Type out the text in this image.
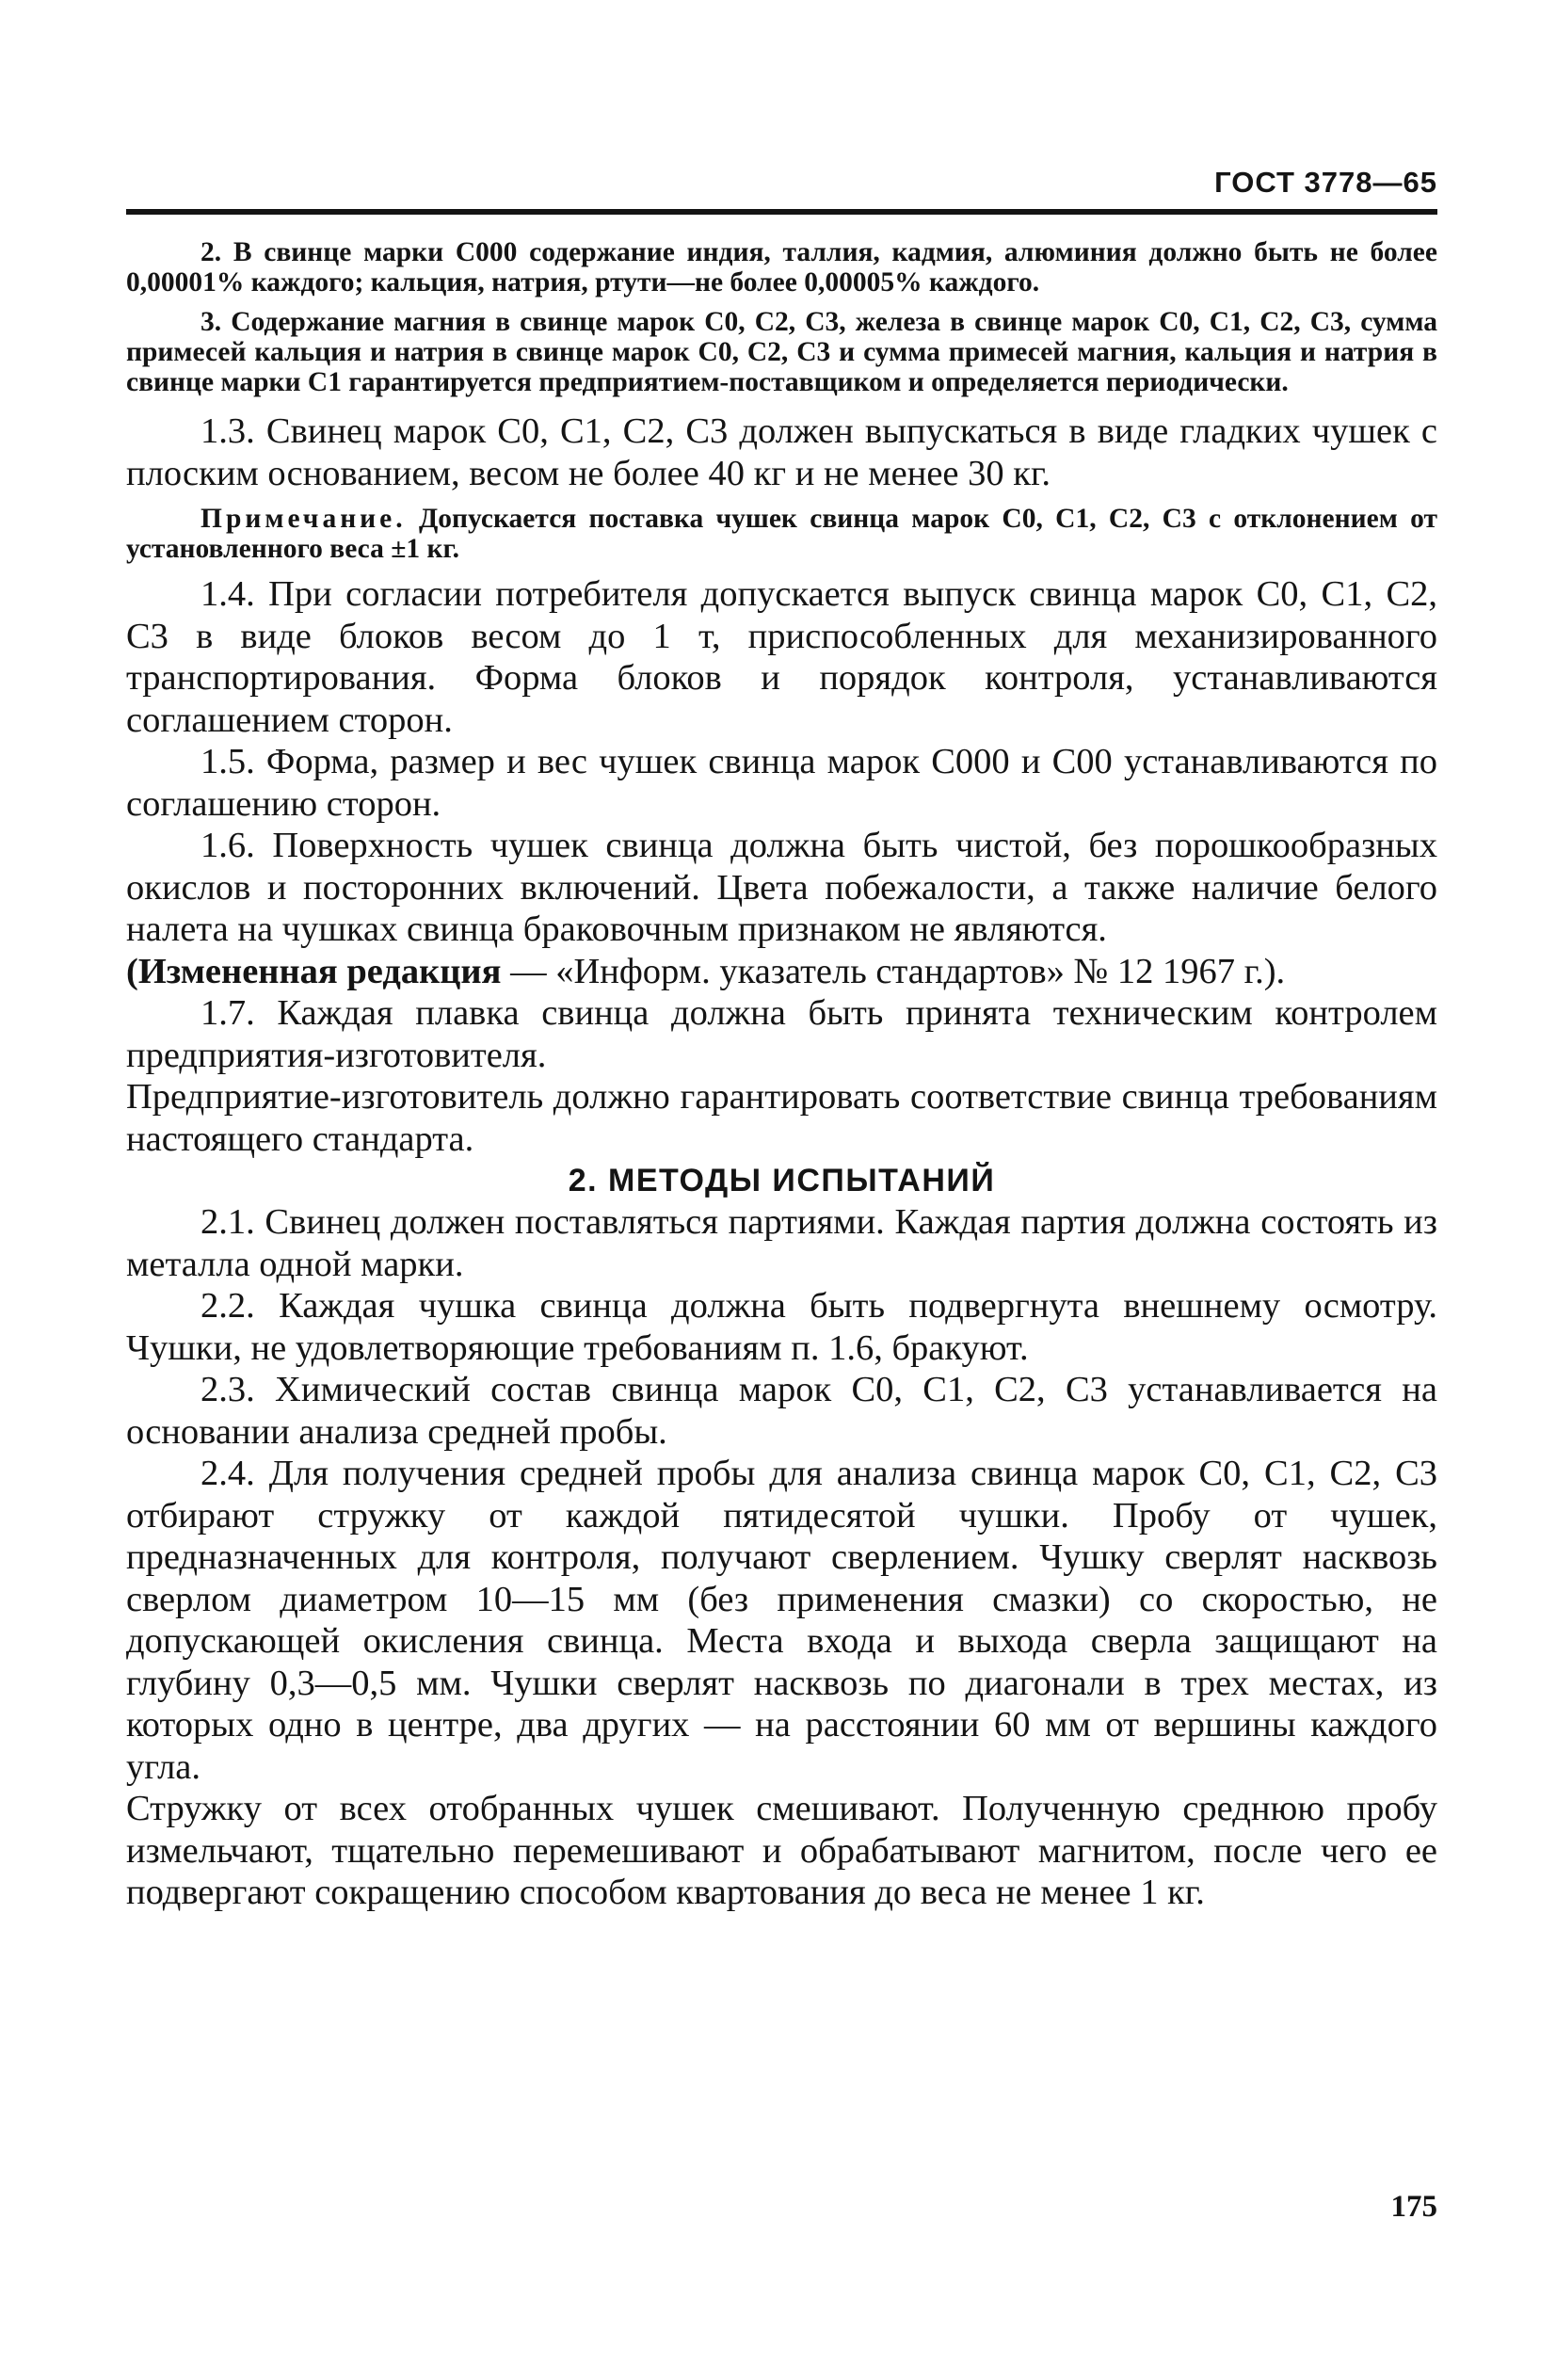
ГОСТ 3778—65

2. В свинце марки С000 содержание индия, таллия, кадмия, алюминия должно быть не более 0,00001% каждого; кальция, натрия, ртути—не более 0,00005% каждого.

3. Содержание магния в свинце марок С0, С2, С3, железа в свинце марок С0, С1, С2, С3, сумма примесей кальция и натрия в свинце марок С0, С2, С3 и сумма примесей магния, кальция и натрия в свинце марки С1 гарантируется предприятием-поставщиком и определяется периодически.

1.3. Свинец марок С0, С1, С2, С3 должен выпускаться в виде гладких чушек с плоским основанием, весом не более 40 кг и не менее 30 кг.

Примечание. Допускается поставка чушек свинца марок С0, С1, С2, С3 с отклонением от установленного веса ±1 кг.

1.4. При согласии потребителя допускается выпуск свинца марок С0, С1, С2, С3 в виде блоков весом до 1 т, приспособленных для механизированного транспортирования. Форма блоков и порядок контроля, устанавливаются соглашением сторон.

1.5. Форма, размер и вес чушек свинца марок С000 и С00 устанавливаются по соглашению сторон.

1.6. Поверхность чушек свинца должна быть чистой, без порошкообразных окислов и посторонних включений. Цвета побежалости, а также наличие белого налета на чушках свинца браковочным признаком не являются.

(Измененная редакция — «Информ. указатель стандартов» № 12 1967 г.).

1.7. Каждая плавка свинца должна быть принята техническим контролем предприятия-изготовителя.

Предприятие-изготовитель должно гарантировать соответствие свинца требованиям настоящего стандарта.

2. МЕТОДЫ ИСПЫТАНИЙ

2.1. Свинец должен поставляться партиями. Каждая партия должна состоять из металла одной марки.

2.2. Каждая чушка свинца должна быть подвергнута внешнему осмотру. Чушки, не удовлетворяющие требованиям п. 1.6, бракуют.

2.3. Химический состав свинца марок С0, С1, С2, С3 устанавливается на основании анализа средней пробы.

2.4. Для получения средней пробы для анализа свинца марок С0, С1, С2, С3 отбирают стружку от каждой пятидесятой чушки. Пробу от чушек, предназначенных для контроля, получают сверлением. Чушку сверлят насквозь сверлом диаметром 10—15 мм (без применения смазки) со скоростью, не допускающей окисления свинца. Места входа и выхода сверла защищают на глубину 0,3—0,5 мм. Чушки сверлят насквозь по диагонали в трех местах, из которых одно в центре, два других — на расстоянии 60 мм от вершины каждого угла.

Стружку от всех отобранных чушек смешивают. Полученную среднюю пробу измельчают, тщательно перемешивают и обрабатывают магнитом, после чего ее подвергают сокращению способом квартования до веса не менее 1 кг.

175
